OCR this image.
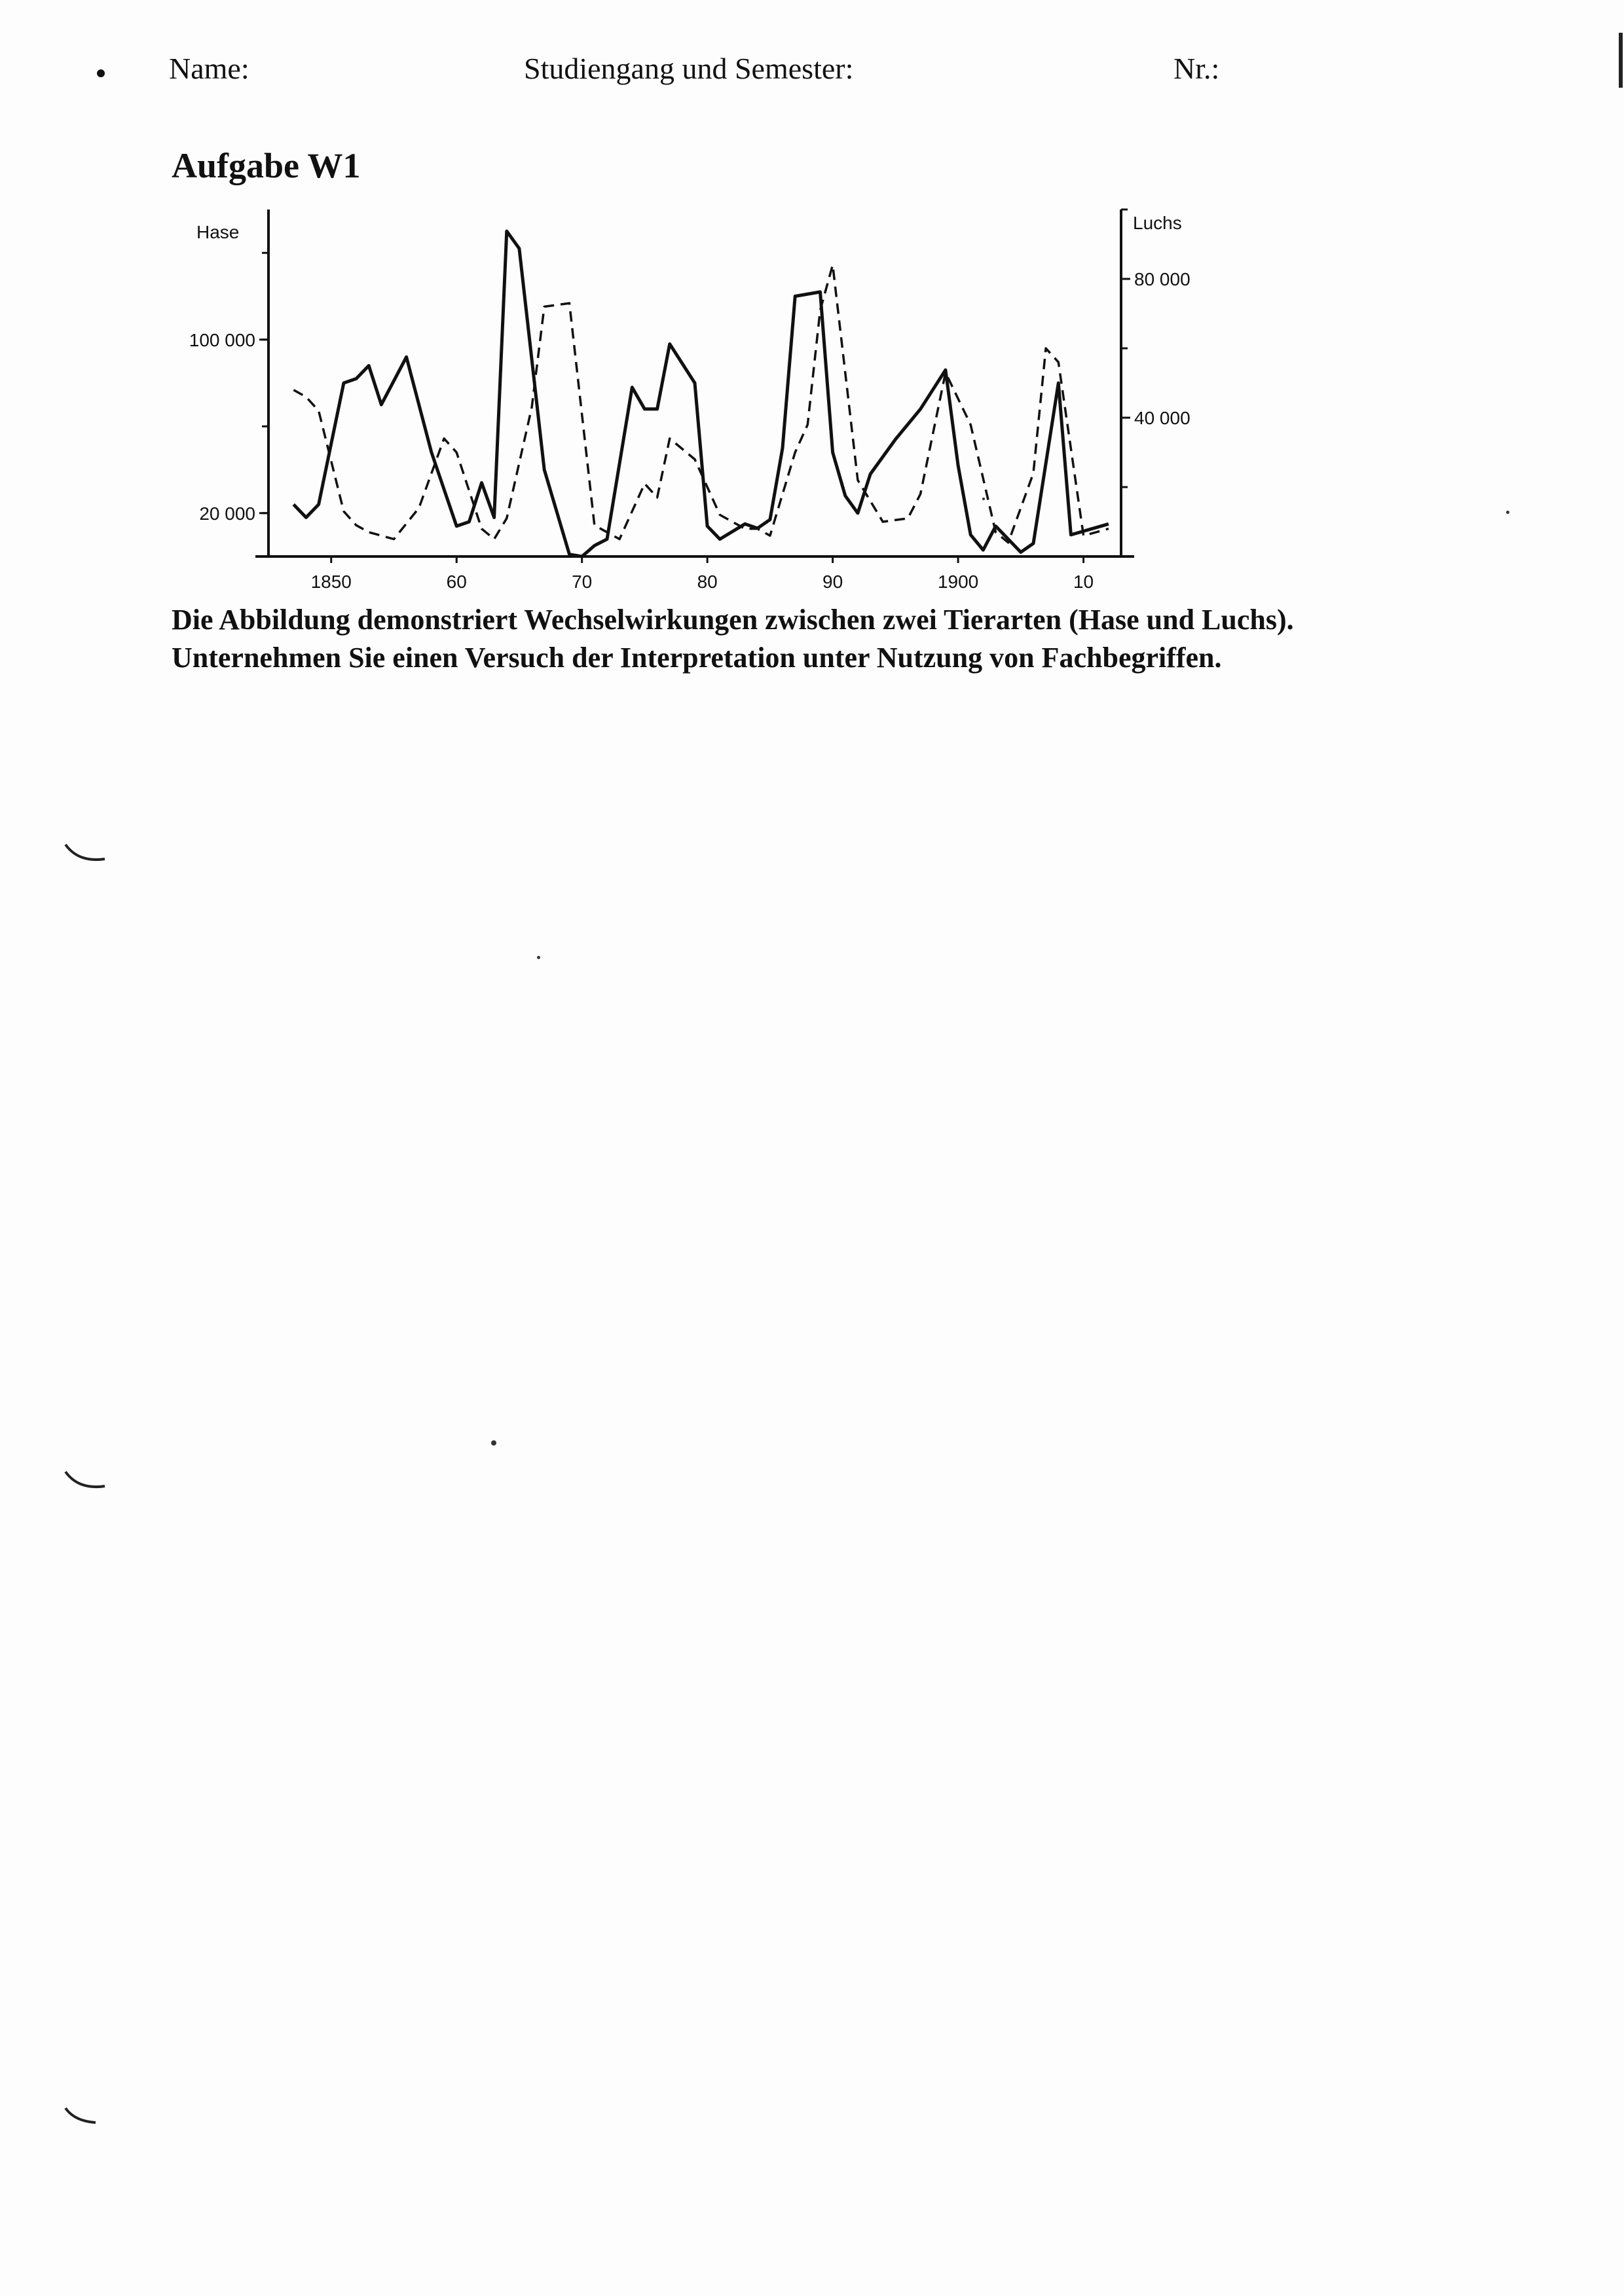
Name:	Studiengang und Semester:	Nr.:
Aufgabe W1
Hase	Luchs
20 000
100 000
40 000
80 000
1850	60	70	80	90	1900	10

Die Abbildung demonstriert Wechselwirkungen zwischen zwei Tierarten (Hase und Luchs).

Unternehmen Sie einen Versuch der Interpretation unter Nutzung von Fachbegriffen.
